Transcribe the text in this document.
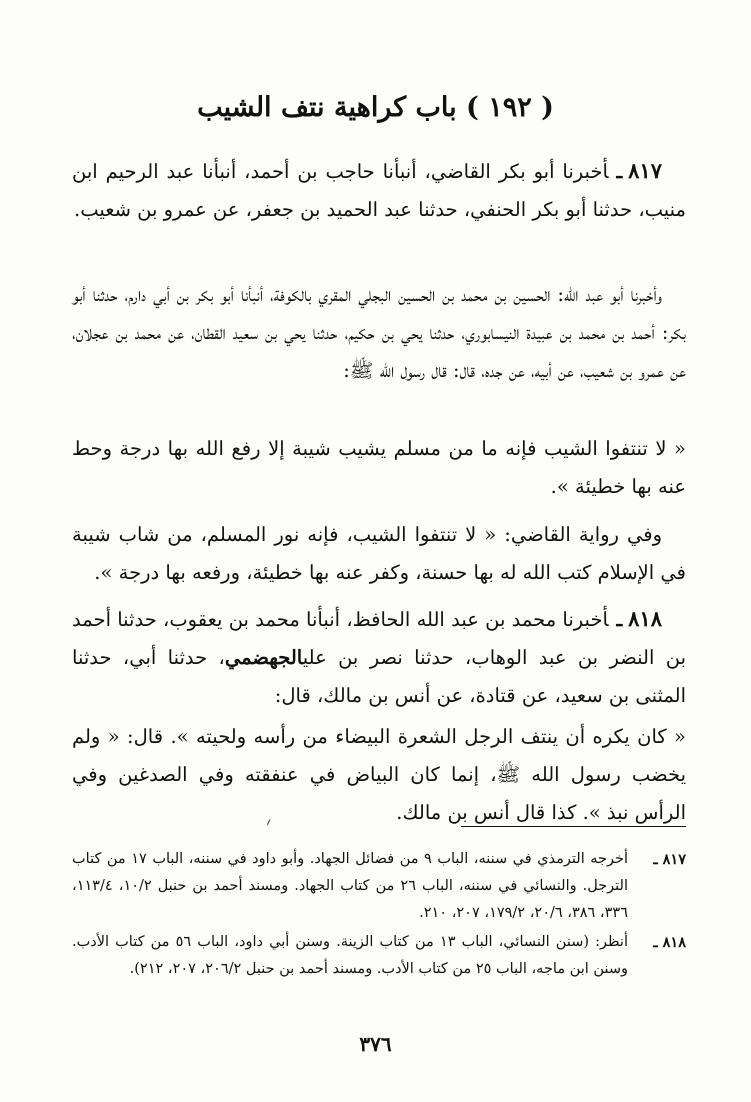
( ١٩٢ ) باب كراهية نتف الشيب

٨١٧ـأخبرنا أبو بكر القاضي، أنبأنا حاجب بن أحمد، أنبأنا عبد الرحيم ابن منيب، حدثنا أبو بكر الحنفي، حدثنا عبد الحميد بن جعفر، عن عمرو بن شعيب.

وأخبرنا أبو عبد الله: الحسين بن محمد بن الحسين البجلي المقري بالكوفة، أنبأنا أبو بكر بن أبي دارم، حدثنا أبو بكر: أحمد بن محمد بن عبيدة النيسابوري، حدثنا يحي بن حكيم، حدثنا يحي بن سعيد القطان، عن محمد بن عجلان، عن عمرو بن شعيب، عن أبيه، عن جده، قال: قال رسول الله ﷺ:

« لا تنتفوا الشيب فإنه ما من مسلم يشيب شيبة إلا رفع الله بها درجة وحط عنه بها خطيئة ».

وفي رواية القاضي: « لا تنتفوا الشيب، فإنه نور المسلم، من شاب شيبة في الإسلام كتب الله له بها حسنة، وكفر عنه بها خطيئة، ورفعه بها درجة ».

٨١٨ـأخبرنا محمد بن عبد الله الحافظ، أنبأنا محمد بن يعقوب، حدثنا أحمد بن النضر بن عبد الوهاب، حدثنا نصر بن عليالجهضمي، حدثنا أبي، حدثنا المثنى بن سعيد، عن قتادة، عن أنس بن مالك، قال:

« كان يكره أن ينتف الرجل الشعرة البيضاء من رأسه ولحيته ». قال: « ولم يخضب رسول الله ﷺ، إنما كان البياض في عنفقته وفي الصدغين وفي الرأس نبذ ». كذا قال أنس بن مالك.

٨١٧ ـ
أخرجه الترمذي في سننه، الباب ٩ من فضائل الجهاد. وأبو داود في سننه، الباب ١٧ من كتاب الترجل. والنسائي في سننه، الباب ٢٦ من كتاب الجهاد. ومسند أحمد بن حنبل ١٠/٢، ١١٣/٤، ٣٣٦، ٣٨٦، ٢٠/٦، ١٧٩/٢، ٢٠٧، ٢١٠.
٨١٨ ـ
أنظر: (سنن النسائي، الباب ١٣ من كتاب الزينة. وسنن أبي داود، الباب ٥٦ من كتاب الأدب. وسنن ابن ماجه، الباب ٢٥ من كتاب الأدب. ومسند أحمد بن حنبل ٢٠٦/٢، ٢٠٧، ٢١٢).
٣٧٦
